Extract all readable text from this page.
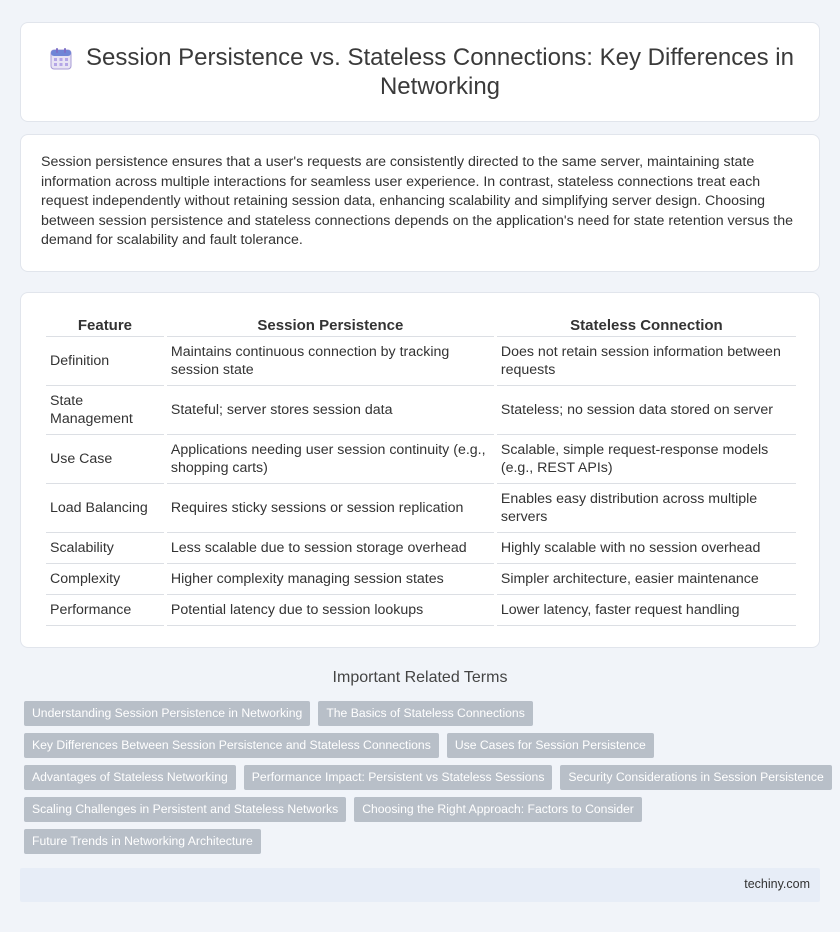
Session Persistence vs. Stateless Connections: Key Differences in Networking

Session persistence ensures that a user's requests are consistently directed to the same server, maintaining state information across multiple interactions for seamless user experience. In contrast, stateless connections treat each request independently without retaining session data, enhancing scalability and simplifying server design. Choosing between session persistence and stateless connections depends on the application's need for state retention versus the demand for scalability and fault tolerance.

Feature	Session Persistence	Stateless Connection
Definition	Maintains continuous connection by tracking session state	Does not retain session information between requests
State Management	Stateful; server stores session data	Stateless; no session data stored on server
Use Case	Applications needing user session continuity (e.g., shopping carts)	Scalable, simple request-response models (e.g., REST APIs)
Load Balancing	Requires sticky sessions or session replication	Enables easy distribution across multiple servers
Scalability	Less scalable due to session storage overhead	Highly scalable with no session overhead
Complexity	Higher complexity managing session states	Simpler architecture, easier maintenance
Performance	Potential latency due to session lookups	Lower latency, faster request handling
Important Related Terms
Understanding Session Persistence in Networking	The Basics of Stateless Connections
Key Differences Between Session Persistence and Stateless Connections	Use Cases for Session Persistence
Advantages of Stateless Networking	Performance Impact: Persistent vs Stateless Sessions	Security Considerations in Session Persistence
Scaling Challenges in Persistent and Stateless Networks	Choosing the Right Approach: Factors to Consider
Future Trends in Networking Architecture
techiny.com
